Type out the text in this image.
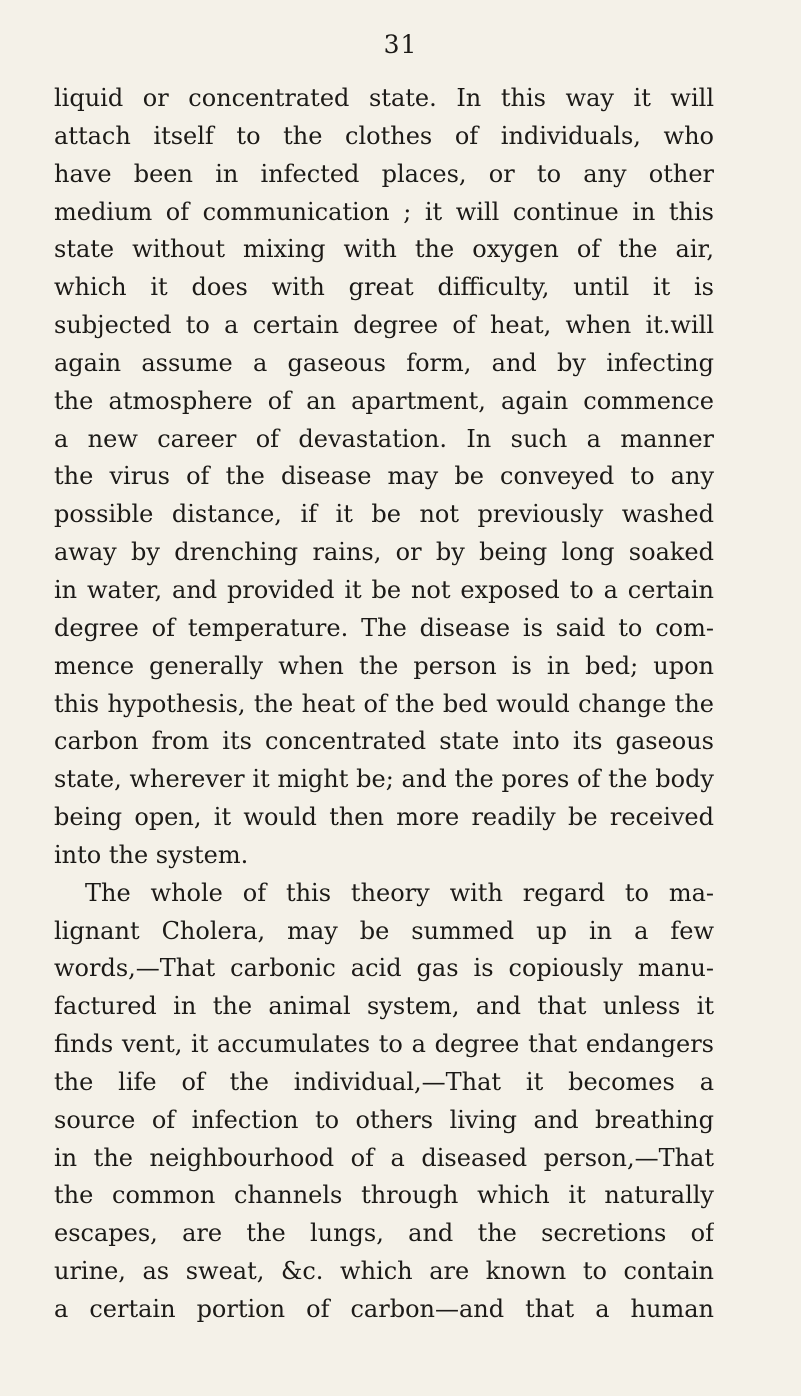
31
liquid or concentrated state. In this way it will
attach itself to the clothes of individuals, who
have been in infected places, or to any other
medium of communication ; it will continue in this
state without mixing with the oxygen of the air,
which it does with great difficulty, until it is
subjected to a certain degree of heat, when it.will
again assume a gaseous form, and by infecting
the atmosphere of an apartment, again commence
a new career of devastation. In such a manner
the virus of the disease may be conveyed to any
possible distance, if it be not previously washed
away by drenching rains, or by being long soaked
in water, and provided it be not exposed to a certain
degree of temperature. The disease is said to com-
mence generally when the person is in bed; upon
this hypothesis, the heat of the bed would change the
carbon from its concentrated state into its gaseous
state, wherever it might be; and the pores of the body
being open, it would then more readily be received
into the system.
The whole of this theory with regard to ma-
lignant Cholera, may be summed up in a few
words,—That carbonic acid gas is copiously manu-
factured in the animal system, and that unless it
finds vent, it accumulates to a degree that endangers
the life of the individual,—That it becomes a
source of infection to others living and breathing
in the neighbourhood of a diseased person,—That
the common channels through which it naturally
escapes, are the lungs, and the secretions of
urine, as sweat, &c. which are known to contain
a certain portion of carbon—and that a human
